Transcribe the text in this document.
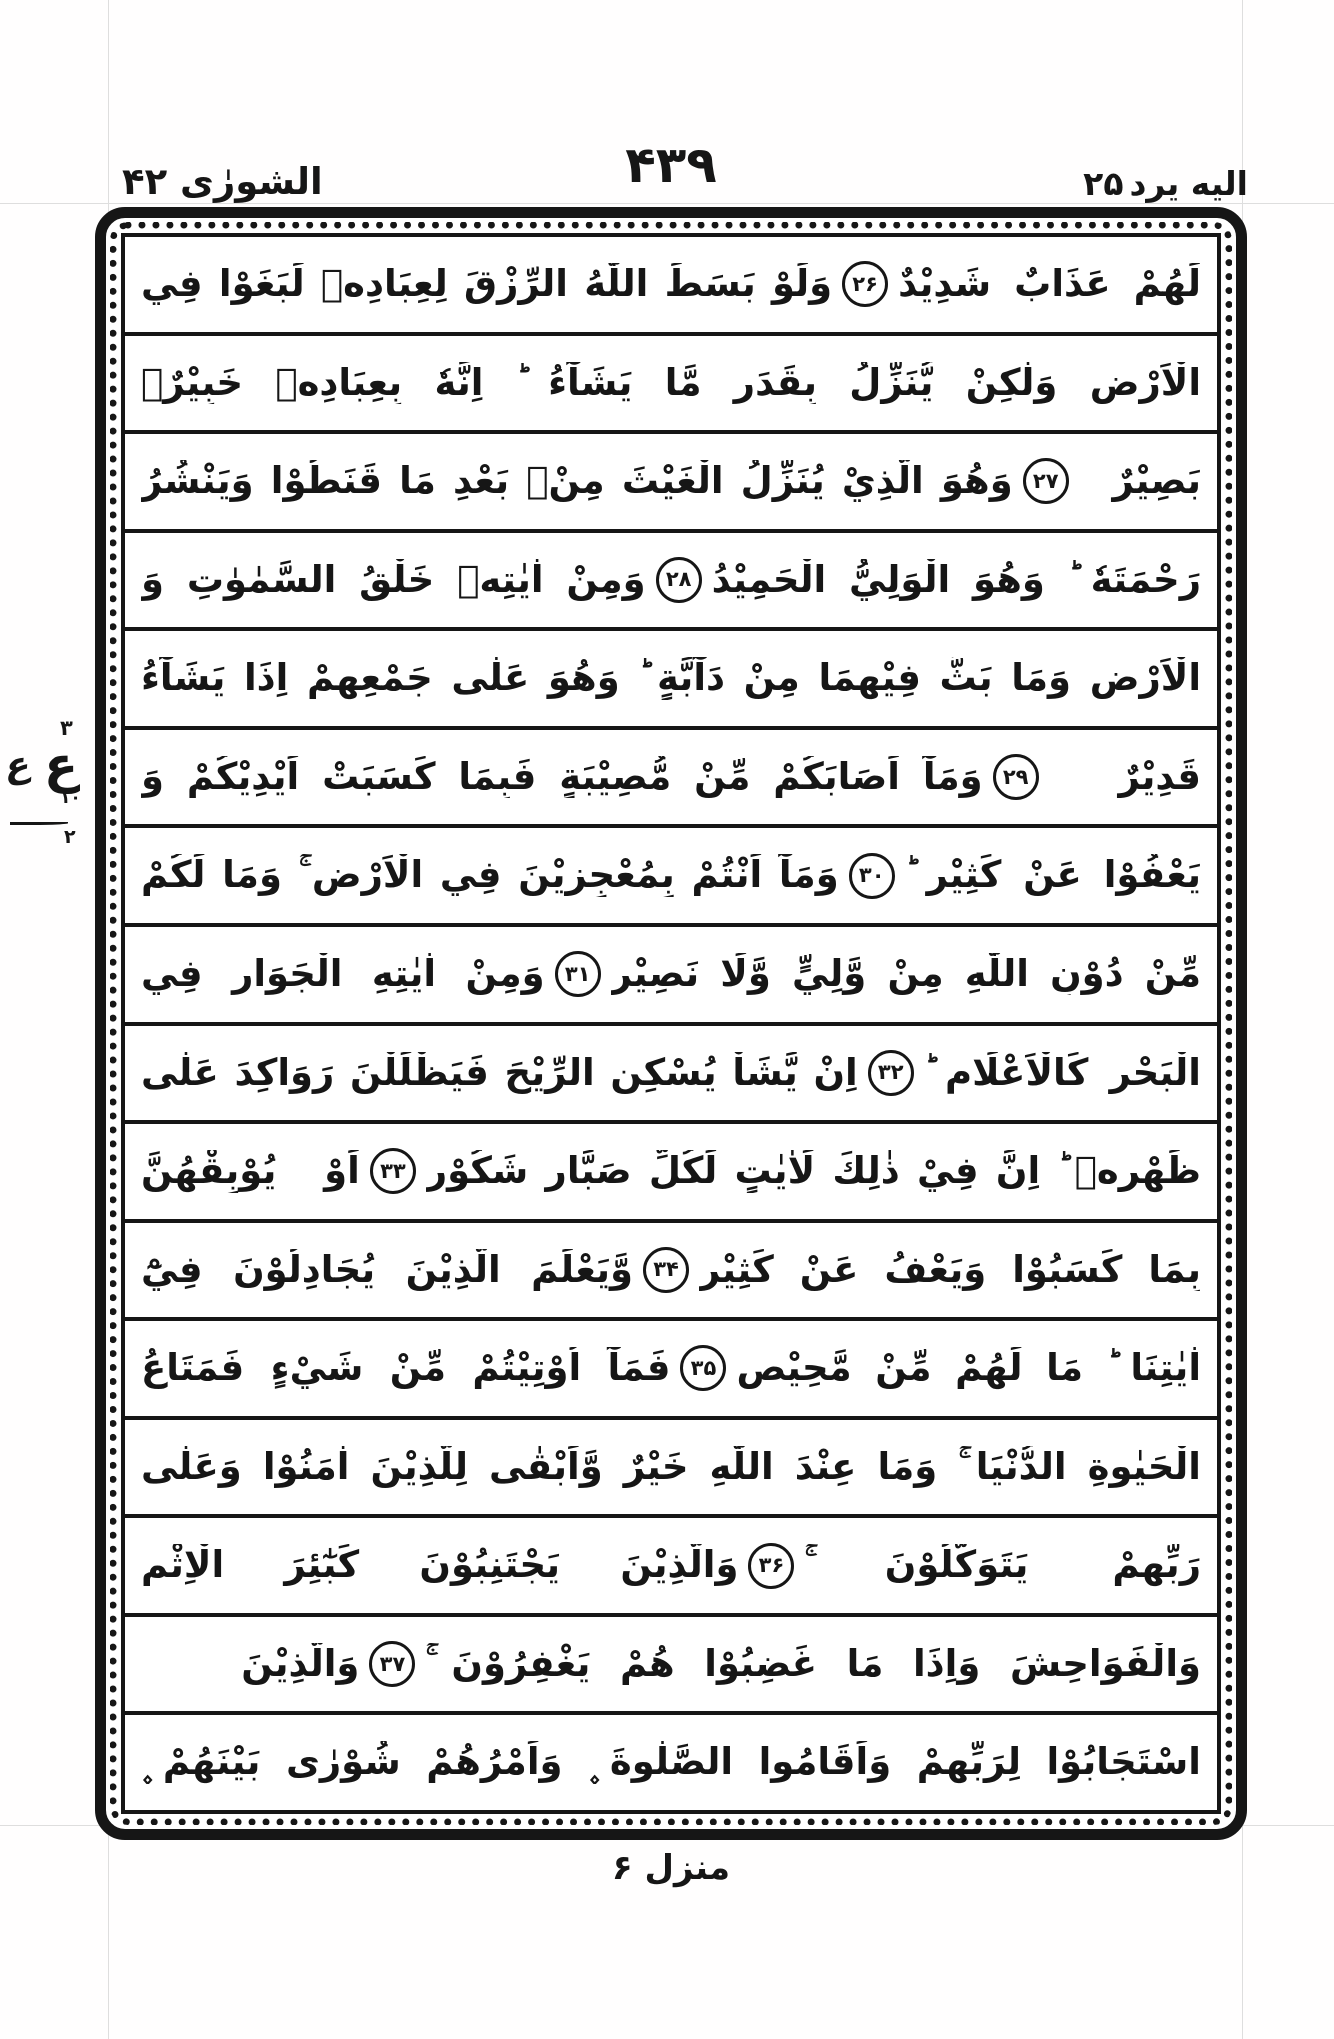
الشورٰى ۴۲	۴۳۹	اليه يرد
۲۵
٣
ع
ع
١٠
٢
لَهُمْ عَذَابٌ شَدِيْدٌ
۲۶
وَلَوْ بَسَطَ اللّٰهُ الرِّزْقَ لِعِبَادِهٖ لَبَغَوْا فِي
الْاَرْضِ وَلٰكِنْ يُّنَزِّلُ بِقَدَرٍ مَّا يَشَآءُ ؕ اِنَّهٗ بِعِبَادِهٖ خَبِيْرٌۢ
بَصِيْرٌ
۲۷
وَهُوَ الَّذِيْ يُنَزِّلُ الْغَيْثَ مِنْۢ بَعْدِ مَا قَنَطُوْا وَيَنْشُرُ
رَحْمَتَهٗ ؕ وَهُوَ الْوَلِيُّ الْحَمِيْدُ
۲۸
وَمِنْ اٰيٰتِهٖ خَلْقُ السَّمٰوٰتِ وَ
الْاَرْضِ وَمَا بَثَّ فِيْهِمَا مِنْ دَآبَّةٍ ؕ وَهُوَ عَلٰى جَمْعِهِمْ اِذَا يَشَآءُ
قَدِيْرٌ
۲۹
وَمَآ اَصَابَكُمْ مِّنْ مُّصِيْبَةٍ فَبِمَا كَسَبَتْ اَيْدِيْكُمْ وَ
يَعْفُوْا عَنْ كَثِيْرٍ ؕ
۳۰
وَمَآ اَنْتُمْ بِمُعْجِزِيْنَ فِي الْاَرْضِ ۚ وَمَا لَكُمْ
مِّنْ دُوْنِ اللّٰهِ مِنْ وَّلِيٍّ وَّلَا نَصِيْرٍ
۳۱
وَمِنْ اٰيٰتِهِ الْجَوَارِ فِي
الْبَحْرِ كَالْاَعْلَامِ ؕ
۳۲
اِنْ يَّشَاْ يُسْكِنِ الرِّيْحَ فَيَظْلَلْنَ رَوَاكِدَ عَلٰى
ظَهْرِهٖ ؕ اِنَّ فِيْ ذٰلِكَ لَاٰيٰتٍ لِّكُلِّ صَبَّارٍ شَكُوْرٍ
۳۳
اَوْ يُوْبِقْهُنَّ
بِمَا كَسَبُوْا وَيَعْفُ عَنْ كَثِيْرٍ
۳۴
وَّيَعْلَمَ الَّذِيْنَ يُجَادِلُوْنَ فِيْٓ
اٰيٰتِنَا ؕ مَا لَهُمْ مِّنْ مَّحِيْصٍ
۳۵
فَمَآ اُوْتِيْتُمْ مِّنْ شَيْءٍ فَمَتَاعُ
الْحَيٰوةِ الدُّنْيَا ۚ وَمَا عِنْدَ اللّٰهِ خَيْرٌ وَّاَبْقٰى لِلَّذِيْنَ اٰمَنُوْا وَعَلٰى
رَبِّهِمْ يَتَوَكَّلُوْنَ ۚ
۳۶
وَالَّذِيْنَ يَجْتَنِبُوْنَ كَبٰٓئِرَ الْاِثْمِ
وَالْفَوَاحِشَ وَاِذَا مَا غَضِبُوْا هُمْ يَغْفِرُوْنَ ۚ
۳۷
وَالَّذِيْنَ
اسْتَجَابُوْا لِرَبِّهِمْ وَاَقَامُوا الصَّلٰوةَ ۪ وَاَمْرُهُمْ شُوْرٰى بَيْنَهُمْ ۪
منزل ۶
